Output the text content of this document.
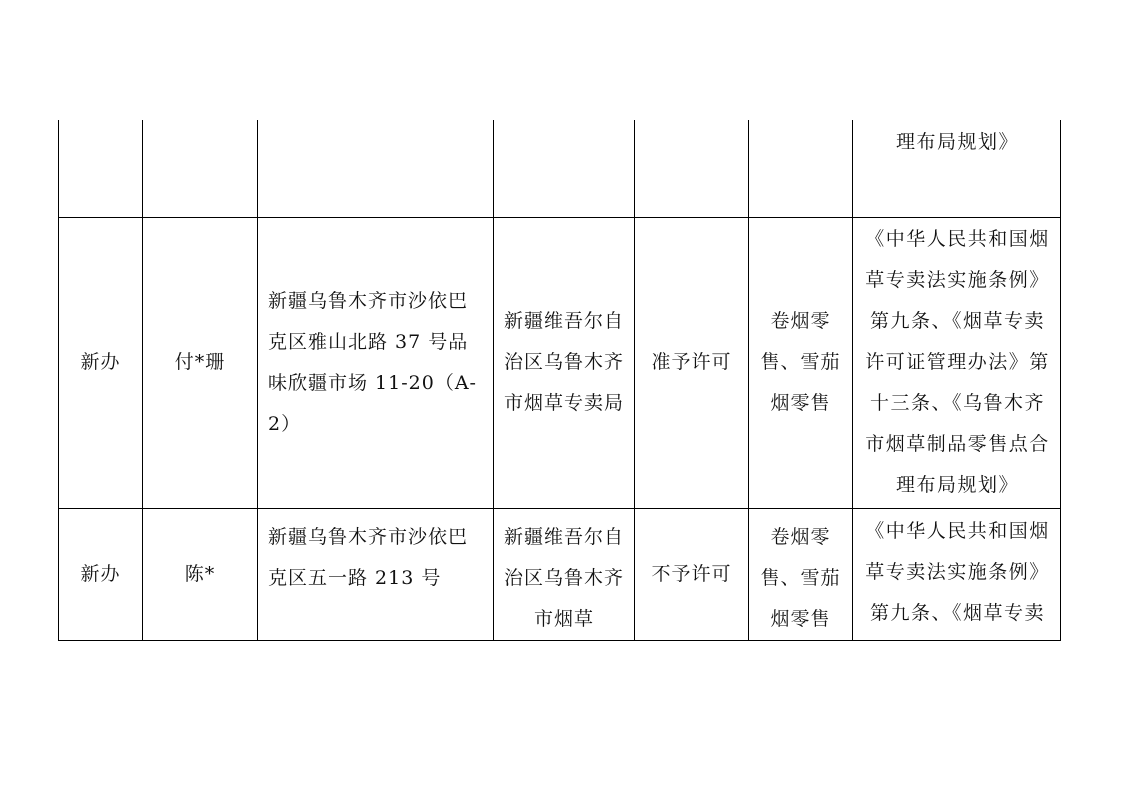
						理布局规划》
新办	付*珊	新疆乌鲁木齐市沙依巴克区雅山北路 37 号品味欣疆市场 11-20（A-2）	新疆维吾尔自治区乌鲁木齐市烟草专卖局	准予许可	卷烟零售、雪茄烟零售	《中华人民共和国烟草专卖法实施条例》第九条、《烟草专卖许可证管理办法》第十三条、《乌鲁木齐市烟草制品零售点合理布局规划》
新办	陈*	新疆乌鲁木齐市沙依巴克区五一路 213 号	新疆维吾尔自治区乌鲁木齐市烟草	不予许可	卷烟零售、雪茄烟零售	《中华人民共和国烟草专卖法实施条例》第九条、《烟草专卖
